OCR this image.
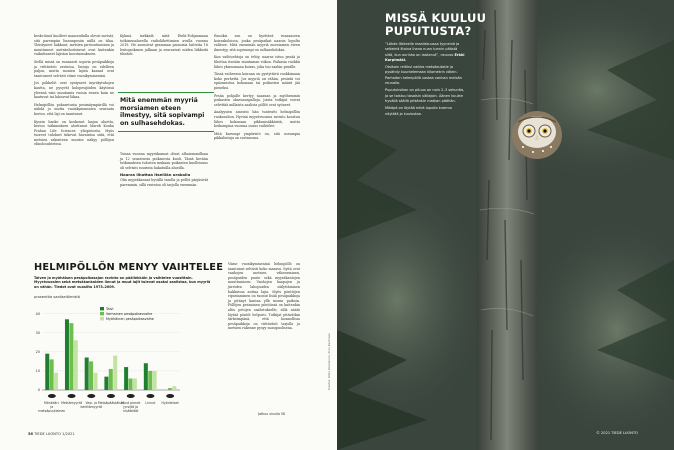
keski-iässä kuolleet maaseudulla olevat metsät, sitä parempiin linnunpesiin niillä on tilaa. Yleistyneet hakkuut, metsien pirstoutuminen ja muuttuneet metsänhoitotavat ovat kuitenkin vaikuttaneet lajiston koostumukseen.

Siellä missä on runsaasti sopivia pesäpaikkoja ja riittävästi ravintoa, lintuja on edelleen paljon, mutta monien lajien kannat ovat taantuneet selvästi viime vuosikymmeninä.

Jos pökkelöt ovat syntyneet myrskytuhojen kautta, ne pysyvät kolopesijöiden käytössä yleensä vain muutamia vuosia ennen kuin ne kaatuvat tai lahoavat liikaa.

Helmipöllön pokasetusta pesimäympärillä voi nähdä jo mutta vuosikymmenien seuranta kertoo, että laji on taantunut.

Kysein hanke on koskenut laajaa aluetta, kertoo tutkimuksen aloittanut Marek Kouba Prahan Life Sciences -yliopistosta. Myös tuoreet tulokset tukevat havaintoa siitä, että metsien rakenteen muutos näkyy pöllöjen elinolosuhteissa.

Kyhmä tarkkaili niitä Etelä-Pohjanmaan tutkimusalueella radiolähettimien avulla vuonna 2019. He asensivat gramman painoisia laitteita 18 lentopoikasen jalkaan ja seurasivat niiden liikkeitä tiheästi.

Mitä enemmän myyriä morsiamen eteen ilmestyy, sitä sopivampi on sulhasehdokas.

Toisaa vuonna myyräkannat olivat alhaisimmillaan ja 12 seuratusta poikasesta kuoli. Tämä kevään tutkimuksen tulosten mukaan poikasten kuolleisuus oli selvästi suurinta hakatuilla alueilla.

Naaras lihottaa itselliän urakalla

Olin myyräkannat hyvällä tasolla ja pöllöt pärjäsivät paremmin, sillä ravintoa oli tarjolla enemmän.

Emoiksi sen on kyettävä runsaaseen koiraskoloissa, jonka pesäpaikat naaras lopulta valitsee. Mitä enemmän myyriä morsiamen eteen ilmestyy, sitä sopivampi on sulhasehdokas.

Kun vaihtoehtoja on tehty, naaras istuu pesää ja lihottaa itseään muutaman viikon. Poikasia ruokkii lähes yksinomaan koiras, joka tuo saaliin pesälle.

Tässä vaiheessa koiraan on pystyttävä ruokkimaan koko perhettä. Jos myyriä on vähän, pesintä voi epäonnistua kokonaan tai poikasten määrä jää pieneksi.

Pesän pohjalle kertyy naaraan ja myöhemmin poikasten oksennuspalloja, joista tutkijat voivat selvittää millaista saalista pöllöt ovat syöneet.

Analyysien aineisto hän tunteutti helmipöllön ruokavalion. Hyvinä myyrävuosina ravinto koostuu lähes kokonaan pikkunisäkkäistä, mutta heikompina vuosina osuus vaihtelee.

Mitä karumpi ympäristö on, sitä useampia pikkulintuja on ravinnossa.

Viime vuosikymmeninä helmipöllö on taantunut selvästi koko maassa. Syitä ovat vanhojen metsien väheneminen, pesäpuiden puute sekä myyräkantojen muuttuminen. Vanhojen haapojen ja järeiden lahopuiden säilyttäminen hakkuissa auttaa lajia. Myös pönttöjen ripustaminen on tuonut lisää pesäpaikkoja ja pitänyt kantaa yllä monin paikoin. Pöllöjen pesiminen pöntöissä on kuitenkin altis petojen saalistukselle, sillä näätä löytää pöntöt helposti. Tutkijat pitävätkin tärkeimpänä, että luonnollisia pesäpaikkoja on riittävästi tarjolla ja metsien rakenne pysyy monipuolisena.

HELMIPÖLLÖN MENYY VAIHTELEE
Talven ja myöhäisen pesäpoikasajan ravinto on päällekkäin ja vaihtelee vuosittain. Myyrävuosien sekä metsäkankaiden linnut ja muut lajit tulevat osaksi saalistaa, kun myyriä on vähän. Tiedot ovat vuosilta 1973–2009.
prosenttia saaliseläimistä
0
10
20
30
40
Mönkkäri-ja metsäpuutiainen
Metsämyyrät	Vesi- ja kenttämyyrät
Metsäpäästäiset
Muut pienet jyrsijät ja nisäkkäät
Linnut Hyönteiset
Talvi
Varhainen pesäpoikasvaihe
Myöhäinen pesäpoikasvaihe
Jatkuu sivulla 58
Kuvitus: Risto Ronkainen; Arvo Kantonen
56 TIEDE LUONTO 1/2021
MISSÄ KUULUU
PUPUTUSTA?

”Lähde liikkeelle maaliskuussa tyyneinä ja selkeinä iltoina ihana nuan tunnin päästä siitä, kun aurinko on laskenut”, neuvoo Erkki Korpimäki.

Otsikoin reitiksi vaikka metsäautotie ja pysähdy kuuntelemaan kilometrin välein. Parhaiten helmipöllö vastaa vanhan metsän reunalla.

Puputuksikon on pituus on noin 2–3 sekuntia, ja se toistuu tasaisin väliajoin. Äänen kuulee hyvällä säällä pitkänkin matkan päähän.

Mikäpä on löytää mikä lopulta kumma näyttää ja kuulostaa.

© 2021 TIEDE LUONTO
